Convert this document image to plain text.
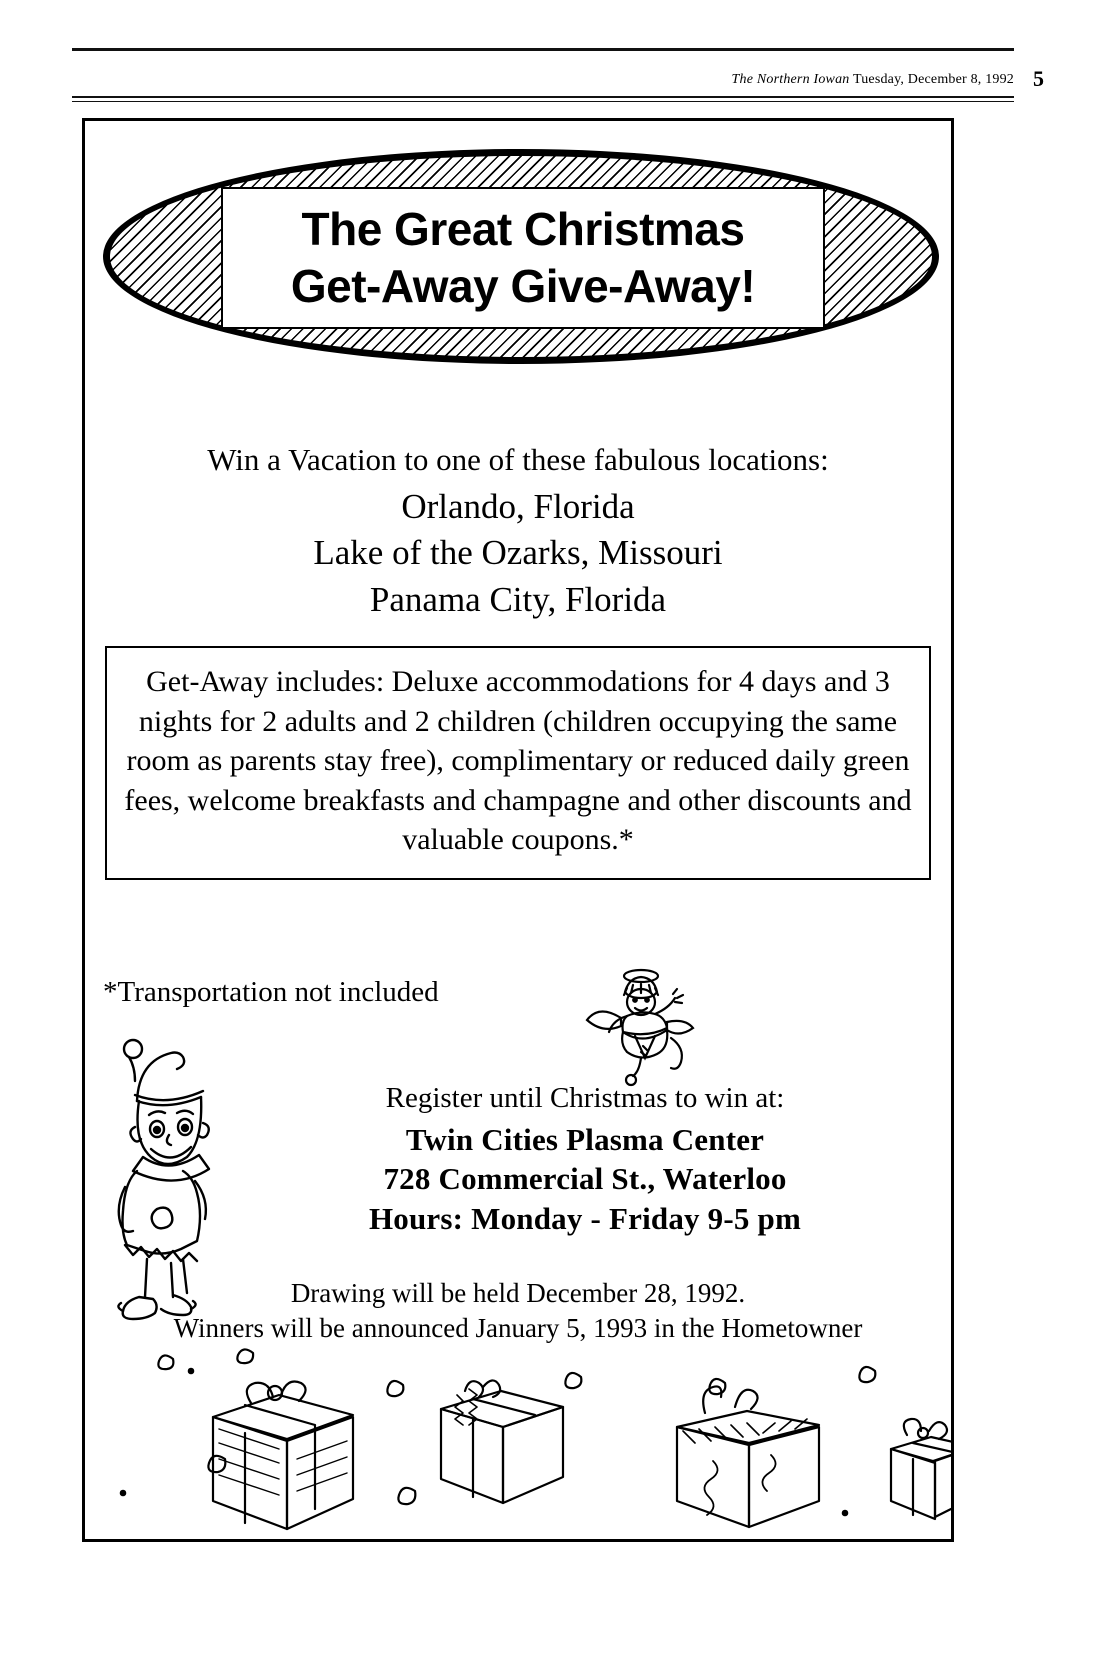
The Northern Iowan Tuesday, December 8, 1992 5
The Great Christmas
Get-Away Give-Away!
Win a Vacation to one of these fabulous locations:
Orlando, Florida
Lake of the Ozarks, Missouri
Panama City, Florida
Get-Away includes: Deluxe accommodations for 4 days and 3 nights for 2 adults and 2 children (children occupying the same room as parents stay free), complimentary or reduced daily green fees, welcome breakfasts and champagne and other discounts and valuable coupons.*
*Transportation not included
Register until Christmas to win at:
Twin Cities Plasma Center
728 Commercial St., Waterloo
Hours: Monday - Friday 9-5 pm
Drawing will be held December 28, 1992.
Winners will be announced January 5, 1993 in the Hometowner
